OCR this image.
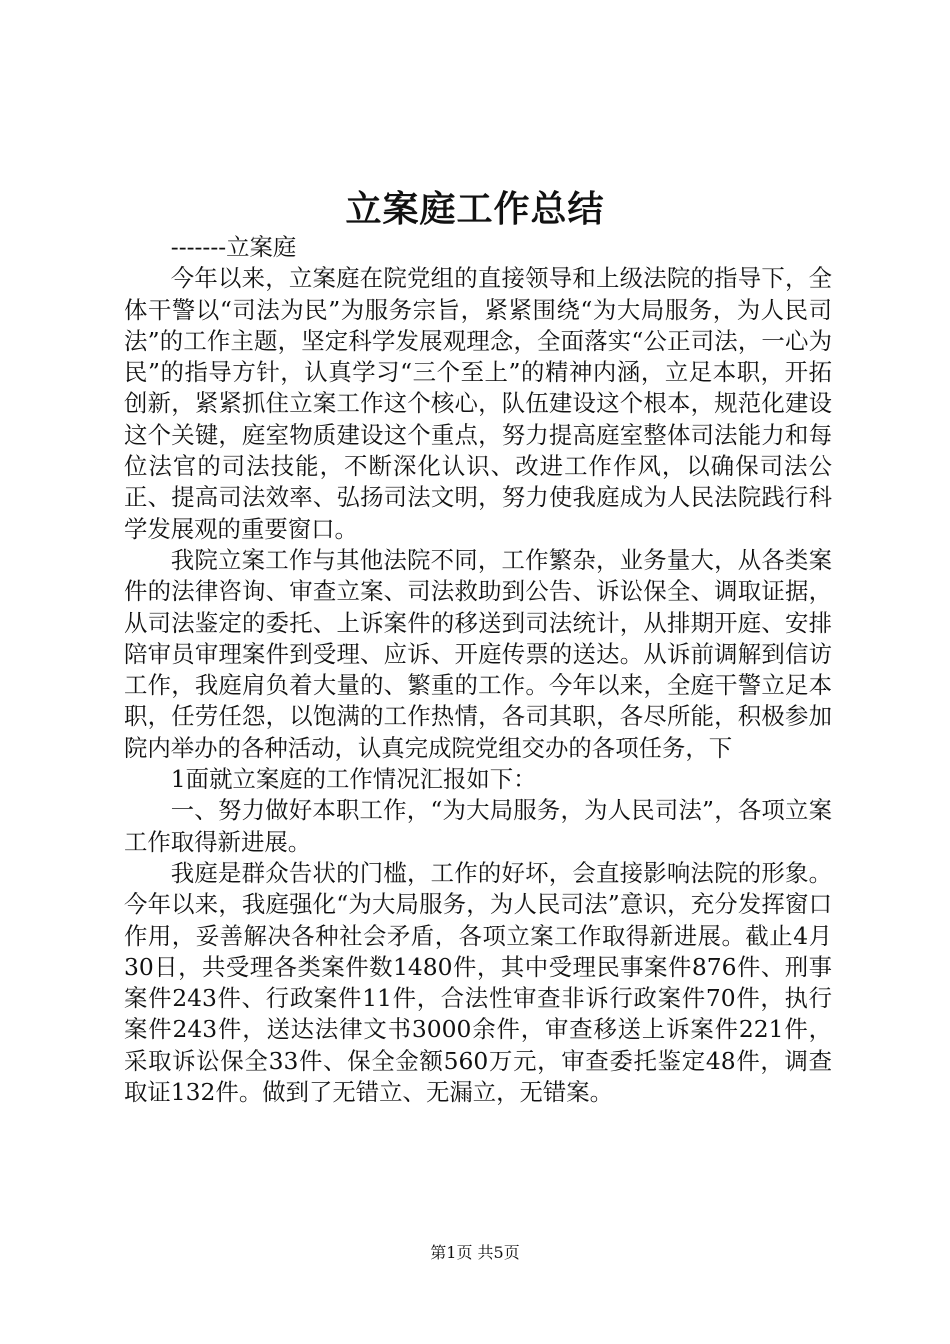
立案庭工作总结

-------立案庭

今年以来，立案庭在院党组的直接领导和上级法院的指导下，全体干警以“司法为民”为服务宗旨，紧紧围绕“为大局服务，为人民司法”的工作主题，坚定科学发展观理念，全面落实“公正司法，一心为民”的指导方针，认真学习“三个至上”的精神内涵，立足本职，开拓创新，紧紧抓住立案工作这个核心，队伍建设这个根本，规范化建设这个关键，庭室物质建设这个重点，努力提高庭室整体司法能力和每位法官的司法技能，不断深化认识、改进工作作风，以确保司法公正、提高司法效率、弘扬司法文明，努力使我庭成为人民法院践行科学发展观的重要窗口。

我院立案工作与其他法院不同，工作繁杂，业务量大，从各类案件的法律咨询、审查立案、司法救助到公告、诉讼保全、调取证据，从司法鉴定的委托、上诉案件的移送到司法统计，从排期开庭、安排陪审员审理案件到受理、应诉、开庭传票的送达。从诉前调解到信访工作，我庭肩负着大量的、繁重的工作。今年以来，全庭干警立足本职，任劳任怨，以饱满的工作热情，各司其职，各尽所能，积极参加院内举办的各种活动，认真完成院党组交办的各项任务，下

1面就立案庭的工作情况汇报如下：

一、努力做好本职工作，“为大局服务，为人民司法”，各项立案工作取得新进展。

我庭是群众告状的门槛，工作的好坏，会直接影响法院的形象。今年以来，我庭强化“为大局服务，为人民司法”意识，充分发挥窗口作用，妥善解决各种社会矛盾，各项立案工作取得新进展。截止4月30日，共受理各类案件数1480件，其中受理民事案件876件、刑事案件243件、行政案件11件，合法性审查非诉行政案件70件，执行案件243件，送达法律文书3000余件，审查移送上诉案件221件，采取诉讼保全33件、保全金额560万元，审查委托鉴定48件，调查取证132件。做到了无错立、无漏立，无错案。

第1页 共5页
